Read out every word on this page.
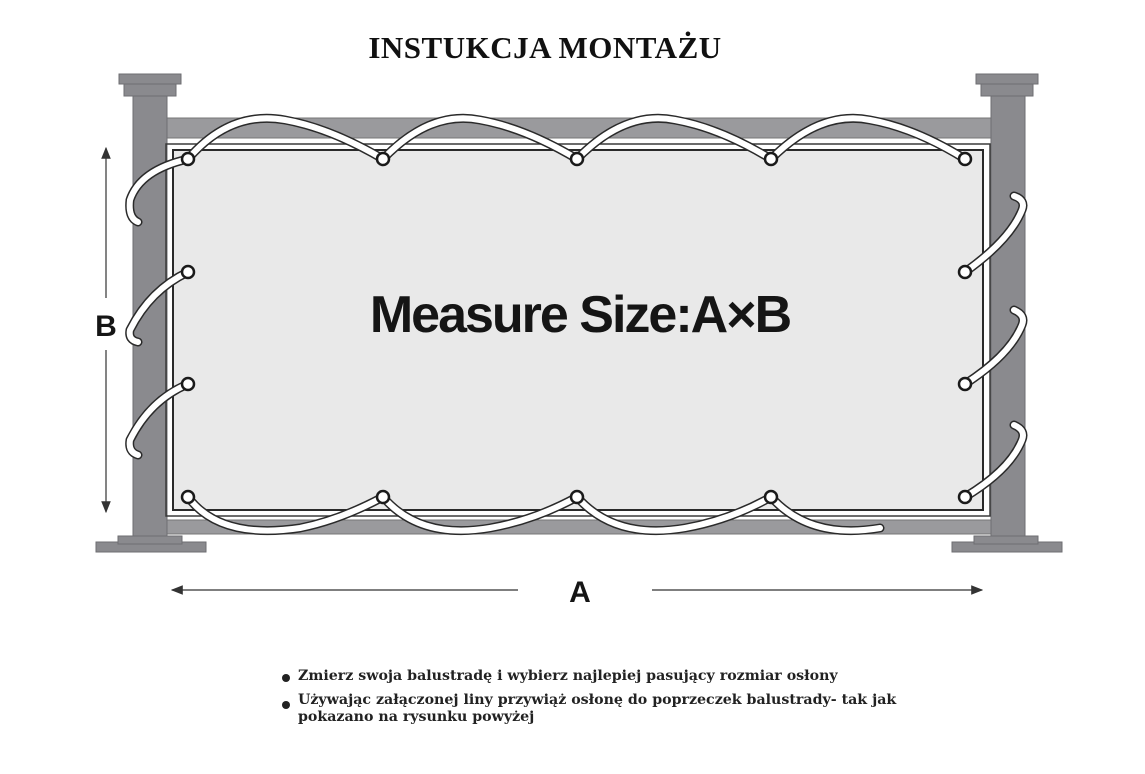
INSTUKCJA MONTAŻU
Measure Size:A×B
B
A
Zmierz swoja balustradę i wybierz najlepiej pasujący rozmiar osłony
Używając załączonej liny przywiąż osłonę do poprzeczek balustrady- tak jak pokazano na rysunku powyżej
